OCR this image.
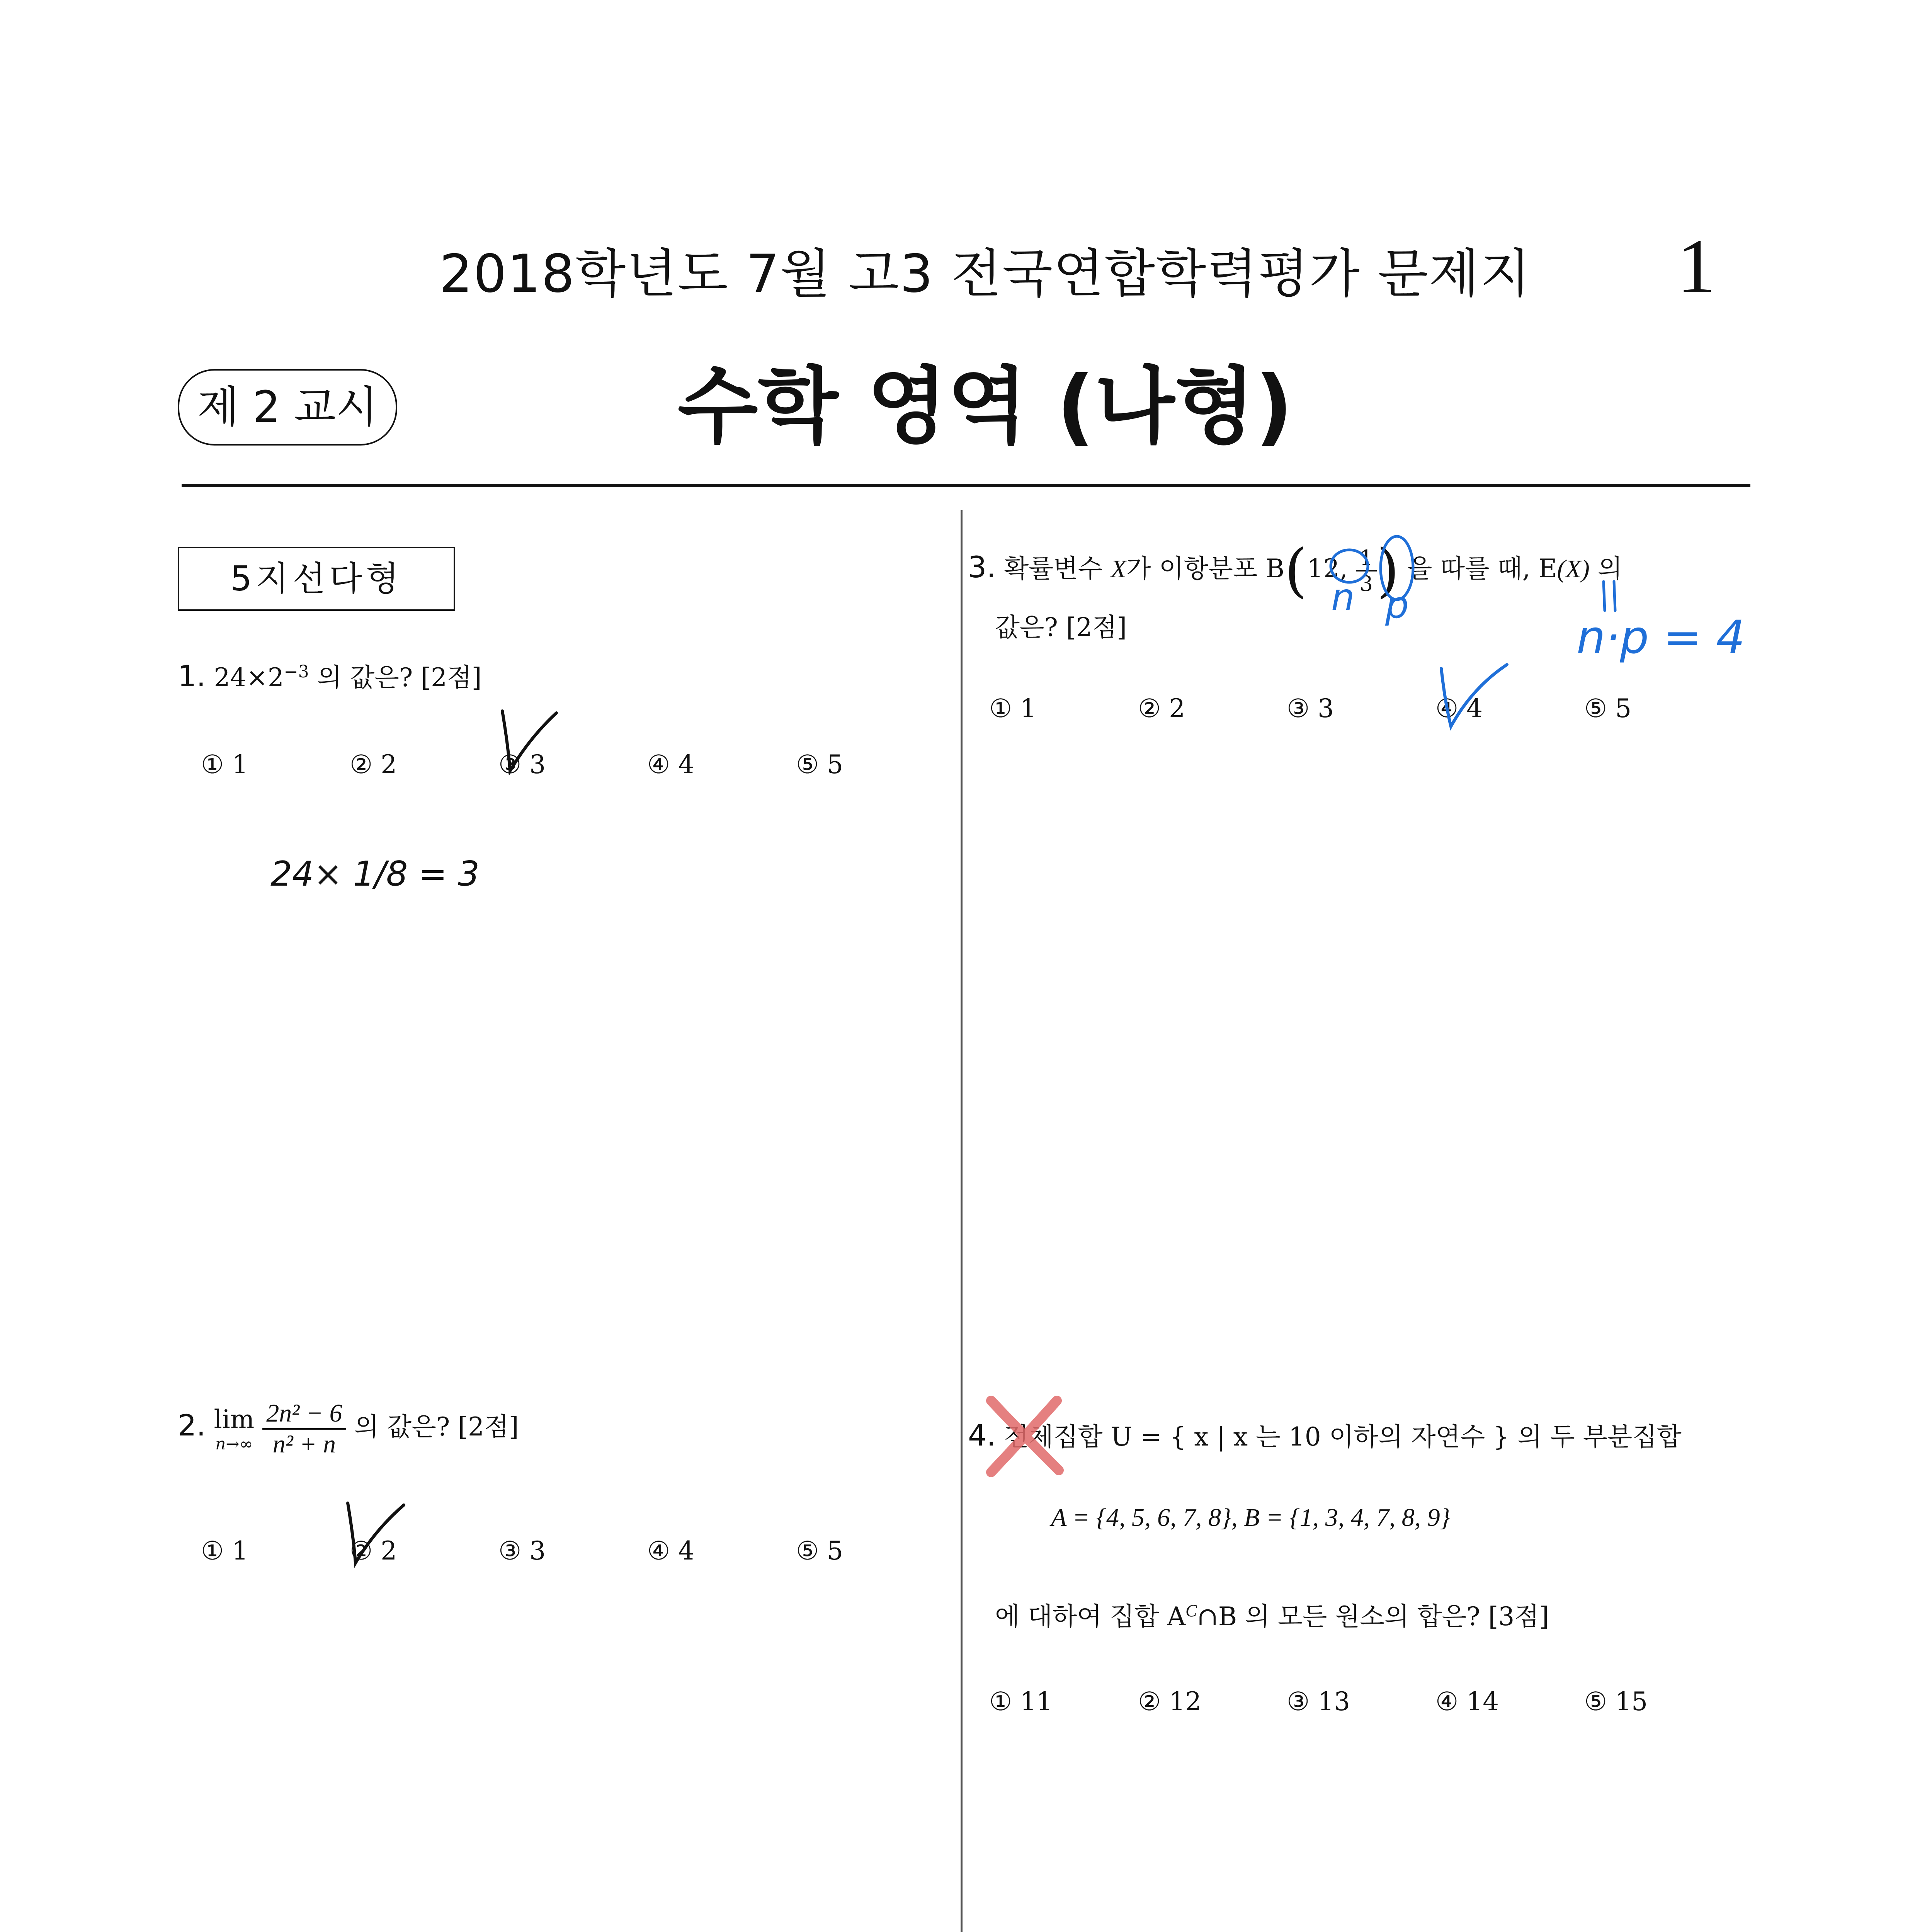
2018학년도 7월 고3 전국연합학력평가 문제지	1
제 2 교시	수학 영역 (나형)
5지선다형
1. $24\times 2^{-3}$ 의 값은? [2점]
① 1	② 2	③ 3	④ 4	⑤ 5
24× 1/8 = 3
2. lim
n→∞
$\frac{\text{2n² − 6}}{\text{n² + n}}$ 의 값은? [2점]
① 1	② 2	③ 3	④ 4	⑤ 5
3. 확률변수 X가 이항분포 B(12, $\frac{1}{3}$ ) 을 따를 때, E(X) 의
값은? [2점]
① 1	② 2	③ 3	④ 4	⑤ 5
n p
n·p = 4
4. 전체집합 U = { x | x 는 10 이하의 자연수 } 의 두 부분집합
A = {4, 5, 6, 7, 8}, B = {1, 3, 4, 7, 8, 9}
에 대하여 집합 $A^C\cap B$ 의 모든 원소의 합은? [3점]
① 11	② 12	③ 13	④ 14	⑤ 15
